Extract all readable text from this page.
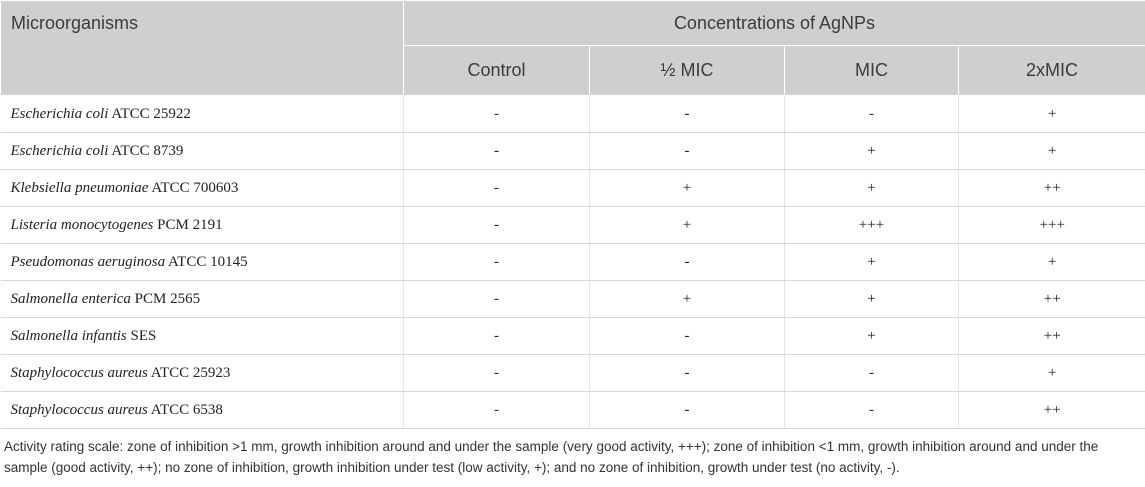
Microorganisms	Concentrations of AgNPs			
	Control	½ MIC	MIC	2xMIC
Escherichia coli ATCC 25922	-	-	-	+
Escherichia coli ATCC 8739	-	-	+	+
Klebsiella pneumoniae ATCC 700603	-	+	+	++
Listeria monocytogenes PCM 2191	-	+	+++	+++
Pseudomonas aeruginosa ATCC 10145	-	-	+	+
Salmonella enterica PCM 2565	-	+	+	++
Salmonella infantis SES	-	-	+	++
Staphylococcus aureus ATCC 25923	-	-	-	+
Staphylococcus aureus ATCC 6538	-	-	-	++
Activity rating scale: zone of inhibition >1 mm, growth inhibition around and under the sample (very good activity, +++); zone of inhibition ˂1 mm, growth inhibition around and under the sample (good activity, ++); no zone of inhibition, growth inhibition under test (low activity, +); and no zone of inhibition, growth under test (no activity, -).
